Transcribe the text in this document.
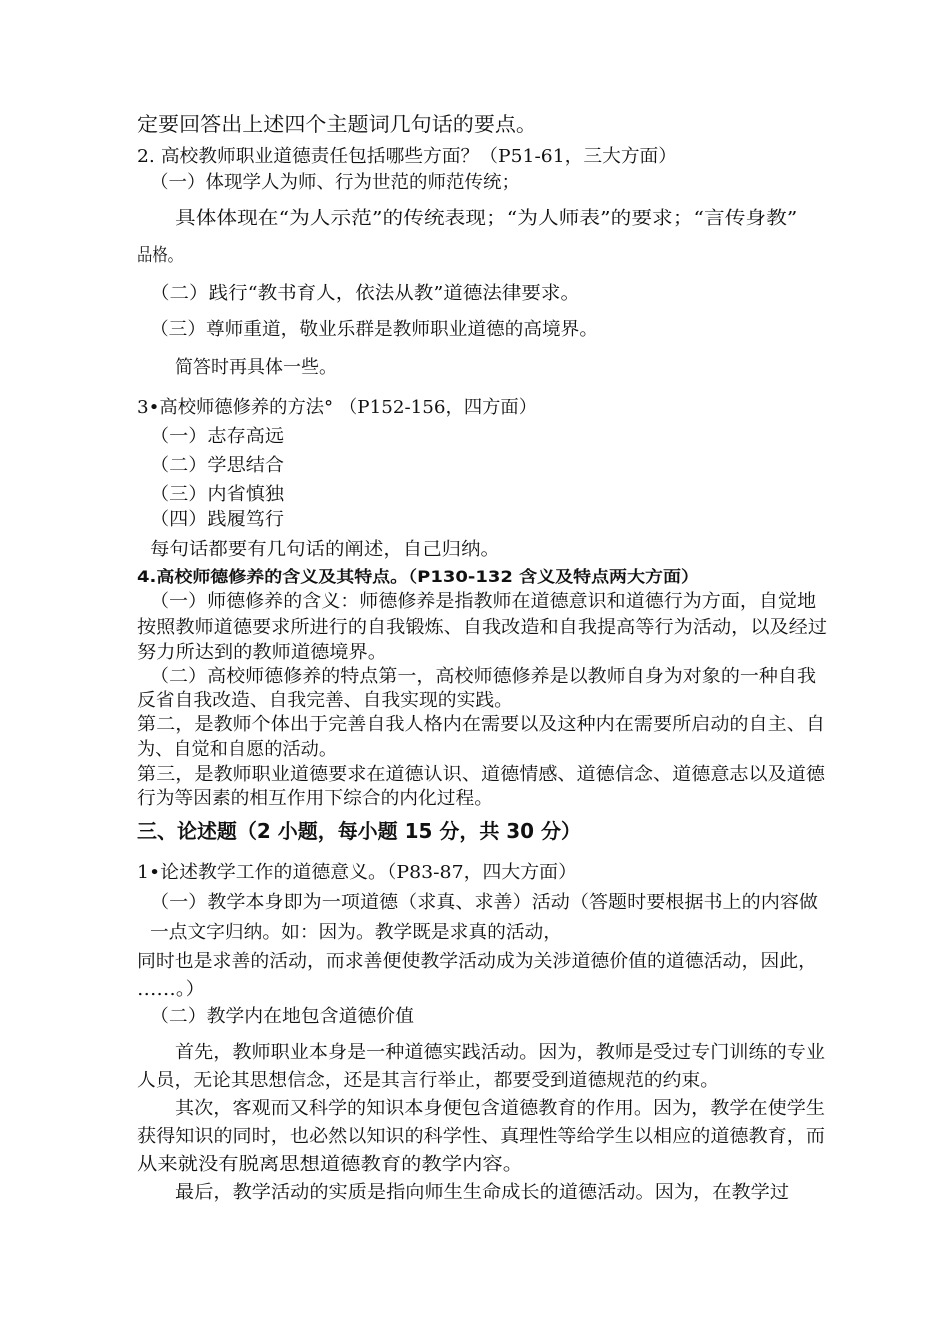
定要回答出上述四个主题词几句话的要点。
2. 高校教师职业道德责任包括哪些方面？（P51-61，三大方面）
（一）体现学人为师、行为世范的师范传统；
具体体现在“为人示范”的传统表现；“为人师表”的要求；“言传身教”
品格。
（二）践行“教书育人，依法从教”道德法律要求。
（三）尊师重道，敬业乐群是教师职业道德的高境界。
简答时再具体一些。
3•高校师德修养的方法° （P152-156，四方面）
（一）志存高远
（二）学思结合
（三）内省慎独
（四）践履笃行
每句话都要有几句话的阐述，自己归纳。
4.高校师德修养的含义及其特点。（P130-132 含义及特点两大方面）
（一）师德修养的含义：师德修养是指教师在道德意识和道德行为方面，自觉地
按照教师道德要求所进行的自我锻炼、自我改造和自我提高等行为活动，以及经过
努力所达到的教师道德境界。
（二）高校师德修养的特点第一，高校师德修养是以教师自身为对象的一种自我
反省自我改造、自我完善、自我实现的实践。
第二，是教师个体出于完善自我人格内在需要以及这种内在需要所启动的自主、自
为、自觉和自愿的活动。
第三，是教师职业道德要求在道德认识、道德情感、道德信念、道德意志以及道德
行为等因素的相互作用下综合的内化过程。
三、论述题（2 小题，每小题 15 分，共 30 分）
1•论述教学工作的道德意义。（P83-87，四大方面）
（一）教学本身即为一项道德（求真、求善）活动（答题时要根据书上的内容做
一点文字归纳。如：因为。教学既是求真的活动，
同时也是求善的活动，而求善便使教学活动成为关涉道德价值的道德活动，因此，
……。）
（二）教学内在地包含道德价值
首先，教师职业本身是一种道德实践活动。因为，教师是受过专门训练的专业
人员，无论其思想信念，还是其言行举止，都要受到道德规范的约束。
其次，客观而又科学的知识本身便包含道德教育的作用。因为，教学在使学生
获得知识的同时，也必然以知识的科学性、真理性等给学生以相应的道德教育，而
从来就没有脱离思想道德教育的教学内容。
最后，教学活动的实质是指向师生生命成长的道德活动。因为，在教学过
